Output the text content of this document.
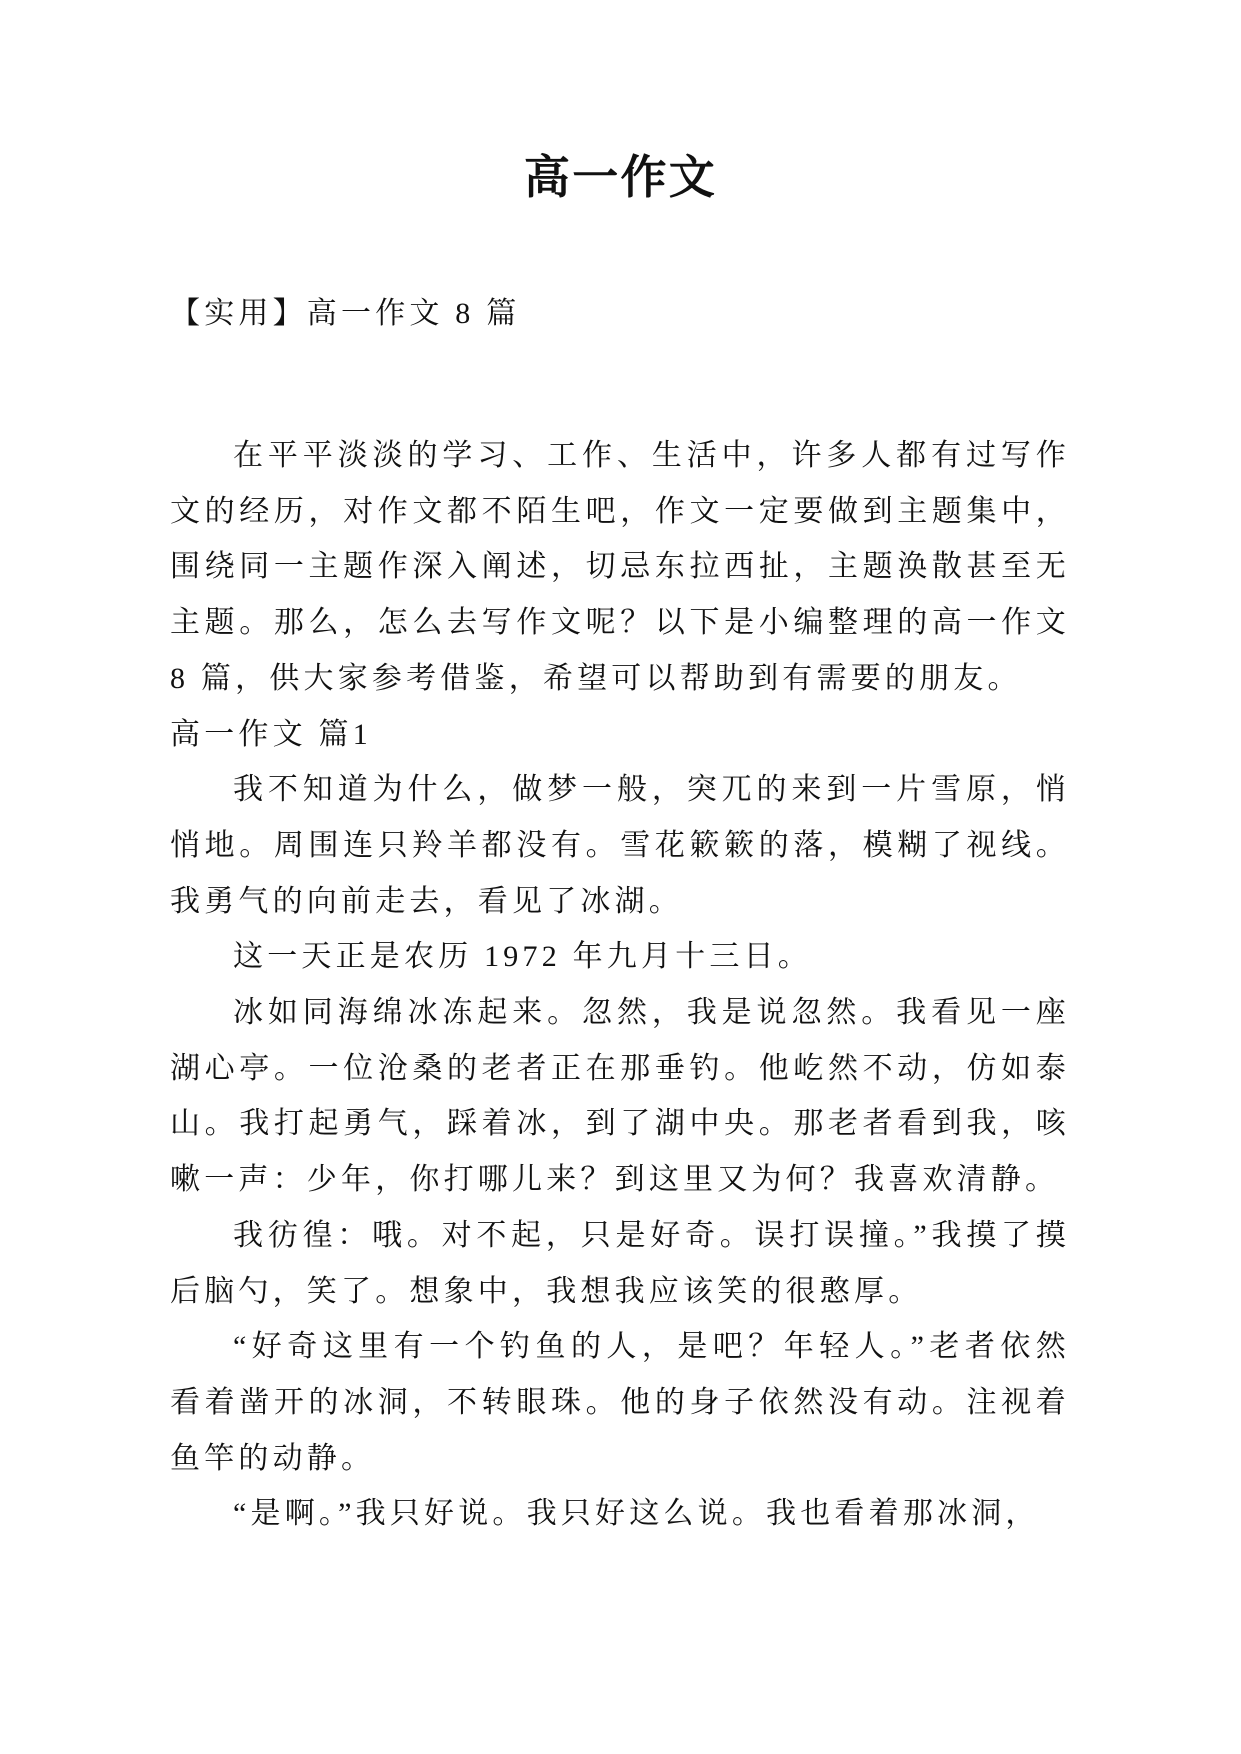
高一作文

【实用】高一作文 8 篇

在平平淡淡的学习、工作、生活中，许多人都有过写作文的经历，对作文都不陌生吧，作文一定要做到主题集中，围绕同一主题作深入阐述，切忌东拉西扯，主题涣散甚至无主题。那么，怎么去写作文呢？以下是小编整理的高一作文 8 篇，供大家参考借鉴，希望可以帮助到有需要的朋友。

高一作文 篇1

我不知道为什么，做梦一般，突兀的来到一片雪原，悄悄地。周围连只羚羊都没有。雪花簌簌的落，模糊了视线。我勇气的向前走去，看见了冰湖。

这一天正是农历 1972 年九月十三日。

冰如同海绵冰冻起来。忽然，我是说忽然。我看见一座湖心亭。一位沧桑的老者正在那垂钓。他屹然不动，仿如泰山。我打起勇气，踩着冰，到了湖中央。那老者看到我，咳嗽一声：少年，你打哪儿来？到这里又为何？我喜欢清静。

我彷徨：哦。对不起，只是好奇。误打误撞。”我摸了摸后脑勺，笑了。想象中，我想我应该笑的很憨厚。

“好奇这里有一个钓鱼的人，是吧？年轻人。”老者依然看着凿开的冰洞，不转眼珠。他的身子依然没有动。注视着鱼竿的动静。

“是啊。”我只好说。我只好这么说。我也看着那冰洞，
